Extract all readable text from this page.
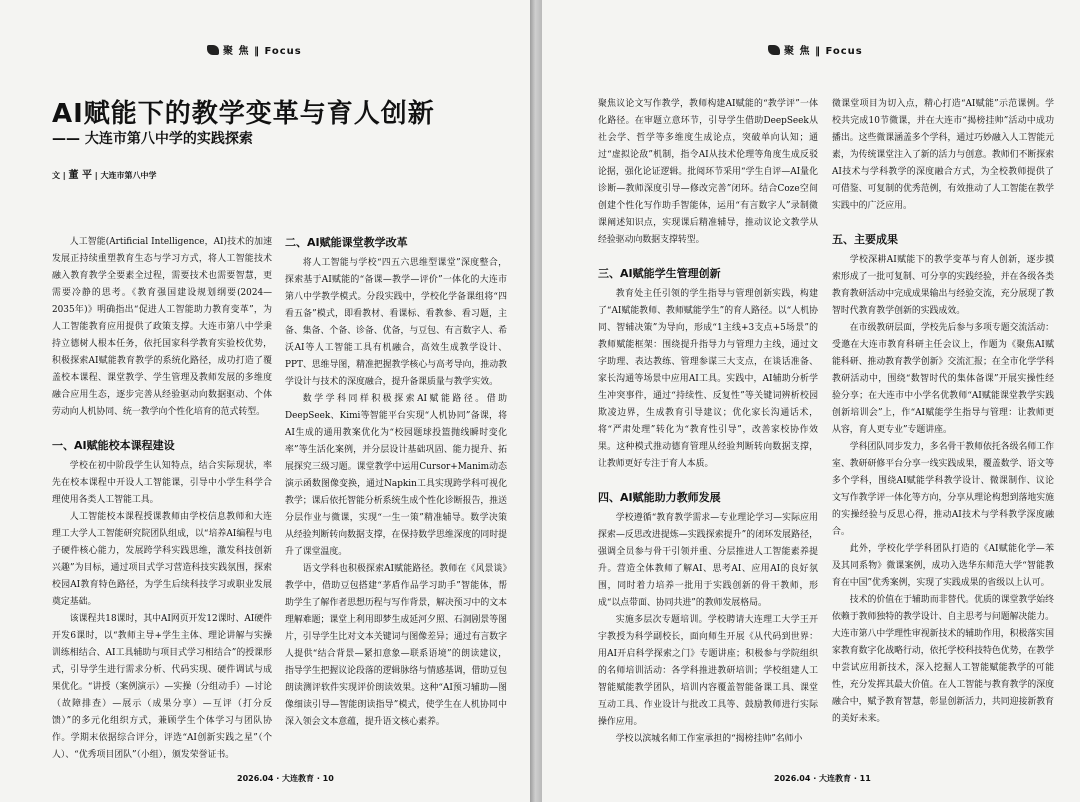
聚 焦 ‖ Focus
AI赋能下的教学变革与育人创新
—— 大连市第八中学的实践探索
文 | 董 平 | 大连市第八中学

人工智能(Artificial Intelligence，AI)技术的加速发展正持续重塑教育生态与学习方式，将人工智能技术融入教育教学全要素全过程，需要技术也需要智慧，更需要冷静的思考。《教育强国建设规划纲要(2024—2035年)》明确指出“促进人工智能助力教育变革”，为人工智能教育应用提供了政策支撑。大连市第八中学秉持立德树人根本任务，依托国家科学教育实验校优势，积极探索AI赋能教育教学的系统化路径，成功打造了覆盖校本课程、课堂教学、学生管理及教师发展的多维度融合应用生态，逐步完善从经验驱动向数据驱动、个体劳动向人机协同、统一教学向个性化培育的范式转型。

一、AI赋能校本课程建设

学校在初中阶段学生认知特点，结合实际现状，率先在校本课程中开设人工智能课，引导中小学生科学合理使用各类人工智能工具。

人工智能校本课程授课教师由学校信息教师和大连理工大学人工智能研究院团队组成，以“培养AI编程与电子硬件核心能力，发展跨学科实践思维，激发科技创新兴趣”为目标，通过项目式学习营造科技实践氛围，探索校园AI教育特色路径，为学生后续科技学习或职业发展奠定基础。

该课程共18课时，其中AI网页开发12课时、AI硬件开发6课时，以“教师主导+学生主体、理论讲解与实操训练相结合、AI工具辅助与项目式学习相结合”的授课形式，引导学生进行需求分析、代码实现、硬件调试与成果优化。“讲授（案例演示）—实操（分组动手）—讨论（故障排查）—展示（成果分享）—互评（打分反馈）”的多元化组织方式，兼顾学生个体学习与团队协作。学期末依据综合评分，评选“AI创新实践之星”（个人）、“优秀项目团队”（小组），颁发荣誉证书。

二、AI赋能课堂教学改革

将人工智能与学校“四五六思维型课堂”深度整合，探索基于AI赋能的“备课—教学—评价”一体化的大连市第八中学教学模式。分段实践中，学校化学备课组将“四看五备”模式，即看教材、看课标、看教参、看习题，主备、集备、个备、诊备、优备，与豆包、有言数字人、希沃AI等人工智能工具有机融合，高效生成教学设计、PPT、思维导图，精准把握教学核心与高考导向，推动教学设计与技术的深度融合，提升备课质量与教学实效。

数学学科同样积极探索AI赋能路径。借助DeepSeek、Kimi等智能平台实现“人机协同”备课，将AI生成的通用教案优化为“校园题球投篮抛线瞬时变化率”等生活化案例，并分层设计基础巩固、能力提升、拓展探究三级习题。课堂教学中运用Cursor+Manim动态演示函数图像变换，通过Napkin工具实现跨学科可视化教学；课后依托智能分析系统生成个性化诊断报告，推送分层作业与微课，实现“一生一策”精准辅导。数学决策从经验判断转向数据支撑，在保持数学思维深度的同时提升了课堂温度。

语文学科也积极探索AI赋能路径。教师在《风景谈》教学中，借助豆包搭建“茅盾作品学习助手”智能体，帮助学生了解作者思想历程与写作背景，解决预习中的文本理解难题；课堂上利用即梦生成延河夕照、石洞剧景等图片，引导学生比对文本关键词与图像差异；通过有言数字人提供“结合背景—紧扣意象—联系语境”的朗读建议，指导学生把握议论段落的逻辑脉络与情感基调，借助豆包朗读测评软件实现评价朗读效果。这种“AI预习辅助—图像细读引导—智能朗读指导”模式，使学生在人机协同中深入领会文本意蕴，提升语文核心素养。

2026.04 · 大连教育 · 10
聚 焦 ‖ Focus

聚焦议论文写作教学，教师构建AI赋能的“教学评”一体化路径。在审题立意环节，引导学生借助DeepSeek从社会学、哲学等多维度生成论点，突破单向认知；通过“虚拟论敌”机制，指令AI从技术伦理等角度生成反驳论据，强化论证逻辑。批阅环节采用“学生自评—AI量化诊断—教师深度引导—修改完善”闭环。结合Coze空间创建个性化写作助手智能体，运用“有言数字人”录制微课阐述知识点，实现课后精准辅导，推动议论文教学从经验驱动向数据支撑转型。

三、AI赋能学生管理创新

教育处主任引领的学生指导与管理创新实践，构建了“AI赋能教师、教师赋能学生”的育人路径。以“人机协同、智辅决策”为导向，形成“1主线+3支点+5场景”的教师赋能框架：围绕提升指导力与管理力主线，通过文字助理、表达教练、管理参谋三大支点，在谈话准备、家长沟通等场景中应用AI工具。实践中，AI辅助分析学生冲突事件，通过“持续性、反复性”等关键词辨析校园欺凌边界，生成教育引导建议；优化家长沟通话术，将“严肃处理”转化为“教育性引导”，改善家校协作效果。这种模式推动德育管理从经验判断转向数据支撑，让教师更好专注于育人本质。

四、AI赋能助力教师发展

学校遵循“教育教学需求—专业理论学习—实际应用探索—反思改进提炼—实践探索提升”的闭环发展路径，强调全员参与骨干引领并重、分层推进人工智能素养提升。营造全体教师了解AI、思考AI、应用AI的良好氛围，同时着力培养一批用于实践创新的骨干教师，形成“以点带面、协同共进”的教师发展格局。

实施多层次专题培训。学校聘请大连理工大学王开宇教授为科学副校长，面向师生开展《从代码到世界：用AI开启科学探索之门》专题讲座；积极参与学院组织的名师培训活动：各学科推进教研培训；学校组建人工智能赋能教学团队，培训内容覆盖智能备课工具、课堂互动工具、作业设计与批改工具等、鼓励教师进行实际操作应用。

学校以滨城名师工作室承担的“揭榜挂帅”名师小

微课堂项目为切入点，精心打造“AI赋能”示范课例。学校共完成10节微课，并在大连市“揭榜挂帅”活动中成功播出。这些微课涵盖多个学科，通过巧妙融入人工智能元素，为传统课堂注入了新的活力与创意。教师们不断探索AI技术与学科教学的深度融合方式，为全校教师提供了可借鉴、可复制的优秀范例，有效推动了人工智能在教学实践中的广泛应用。

五、主要成果

学校深耕AI赋能下的教学变革与育人创新，逐步摸索形成了一批可复制、可分享的实践经验，并在各级各类教育教研活动中完成成果输出与经验交流，充分展现了教智时代教育教学创新的实践成效。

在市级教研层面，学校先后参与多项专题交流活动：受邀在大连市教育科研主任会议上，作题为《聚焦AI赋能科研、推动教育教学创新》交流汇报；在全市化学学科教研活动中，围绕“数智时代的集体备课”开展实操性经验分享；在大连市中小学名优教师“AI赋能课堂教学实践创新培训会”上，作“AI赋能学生指导与管理：让教师更从容，育人更专业”专题讲座。

学科团队同步发力，多名骨干教师依托各级名师工作室、教研研修平台分享一线实践成果，覆盖数学、语文等多个学科，围绕AI赋能学科教学设计、微课制作、议论文写作教学评一体化等方向，分享从理论构想到落地实施的实操经验与反思心得，推动AI技术与学科教学深度融合。

此外，学校化学学科团队打造的《AI赋能化学—苯及其同系物》微课案例，成功入选华东师范大学“智能教育在中国”优秀案例，实现了实践成果的省级以上认可。

技术的价值在于辅助而非替代。优质的课堂教学始终依赖于教师独特的教学设计、自主思考与问题解决能力。大连市第八中学理性审视新技术的辅助作用，积极落实国家教育数字化战略行动，依托学校科技特色优势，在教学中尝试应用新技术，深入挖掘人工智能赋能教学的可能性，充分发挥其最大价值。在人工智能与教育教学的深度融合中，赋予教育智慧，彰显创新活力，共同迎接新教育的美好未来。

2026.04 · 大连教育 · 11
